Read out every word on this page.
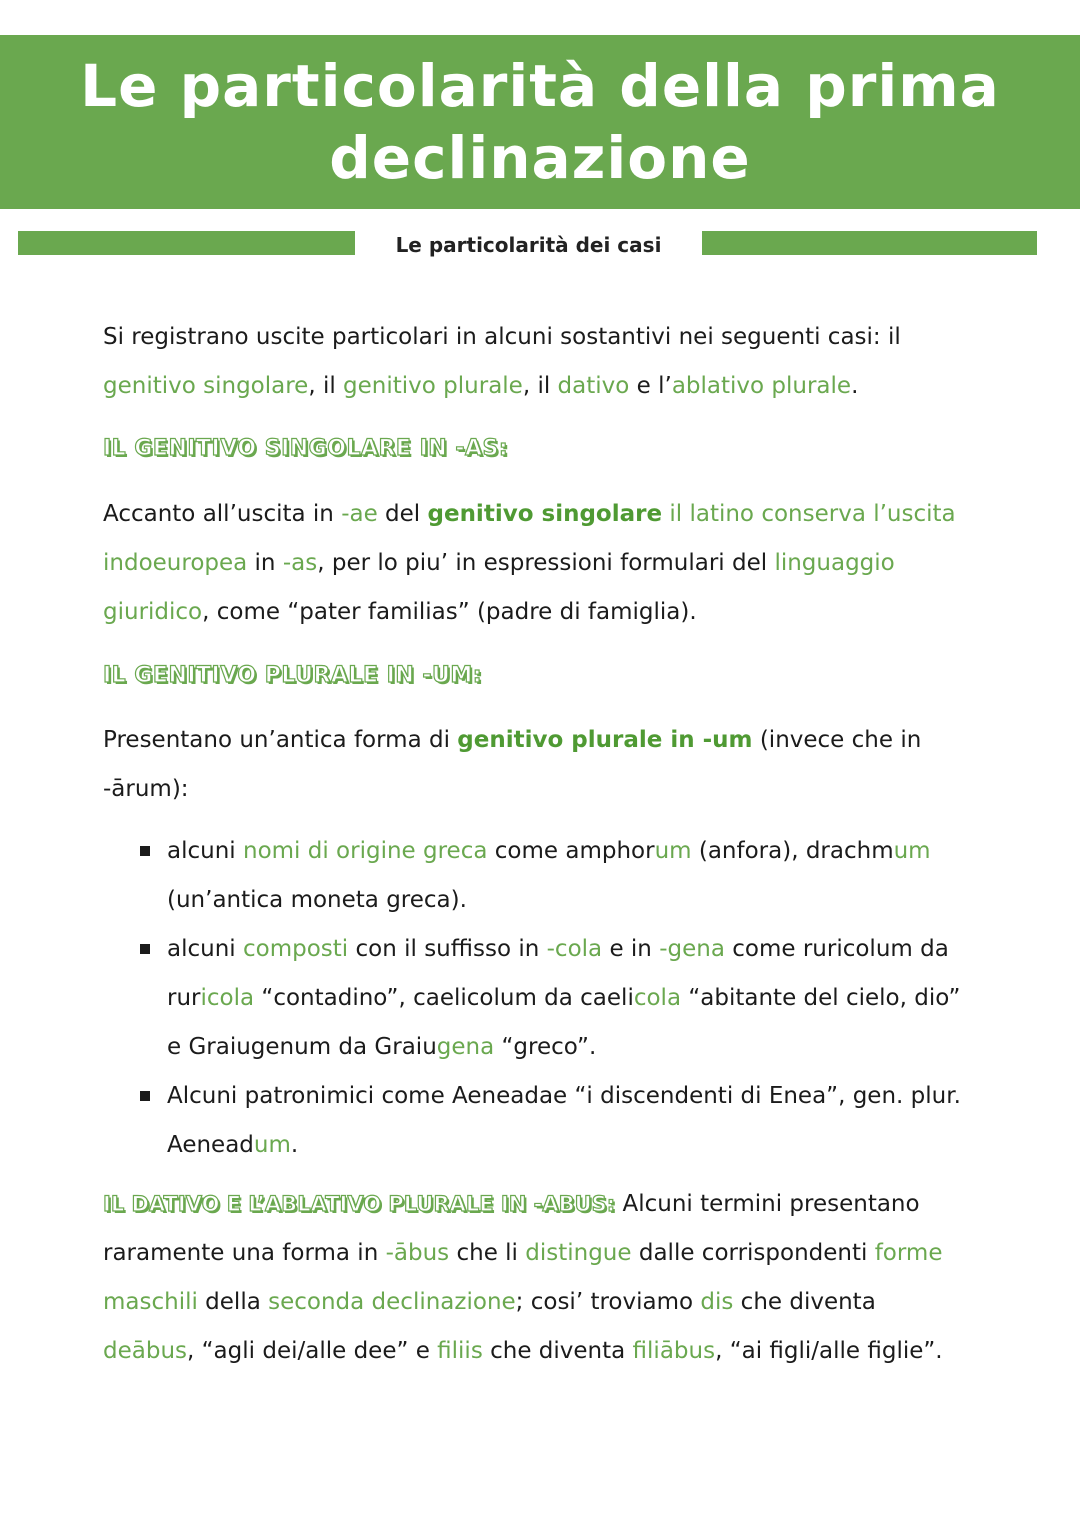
Le particolarità della prima
declinazione
Le particolarità dei casi

Si registrano uscite particolari in alcuni sostantivi nei seguenti casi: il genitivo singolare, il genitivo plurale, il dativo e l’ablativo plurale.

IL GENITIVO SINGOLARE IN -AS:

Accanto all’uscita in -ae del genitivo singolare il latino conserva l’uscita indoeuropea in -as, per lo piu’ in espressioni formulari del linguaggio giuridico, come “pater familias” (padre di famiglia).

IL GENITIVO PLURALE IN -UM:

Presentano un’antica forma di genitivo plurale in -um (invece che in -ārum):

alcuni nomi di origine greca come amphorum (anfora), drachmum (un’antica moneta greca).
alcuni composti con il suffisso in -cola e in -gena come ruricolum da ruricola “contadino”, caelicolum da caelicola “abitante del cielo, dio” e Graiugenum da Graiugena “greco”.
Alcuni patronimici come Aeneadae “i discendenti di Enea”, gen. plur. Aeneadum.

IL DATIVO E L’ABLATIVO PLURALE IN -ABUS: Alcuni termini presentano raramente una forma in -ābus che li distingue dalle corrispondenti forme maschili della seconda declinazione; cosi’ troviamo dis che diventa deābus, “agli dei/alle dee” e filiis che diventa filiābus, “ai figli/alle figlie”.
